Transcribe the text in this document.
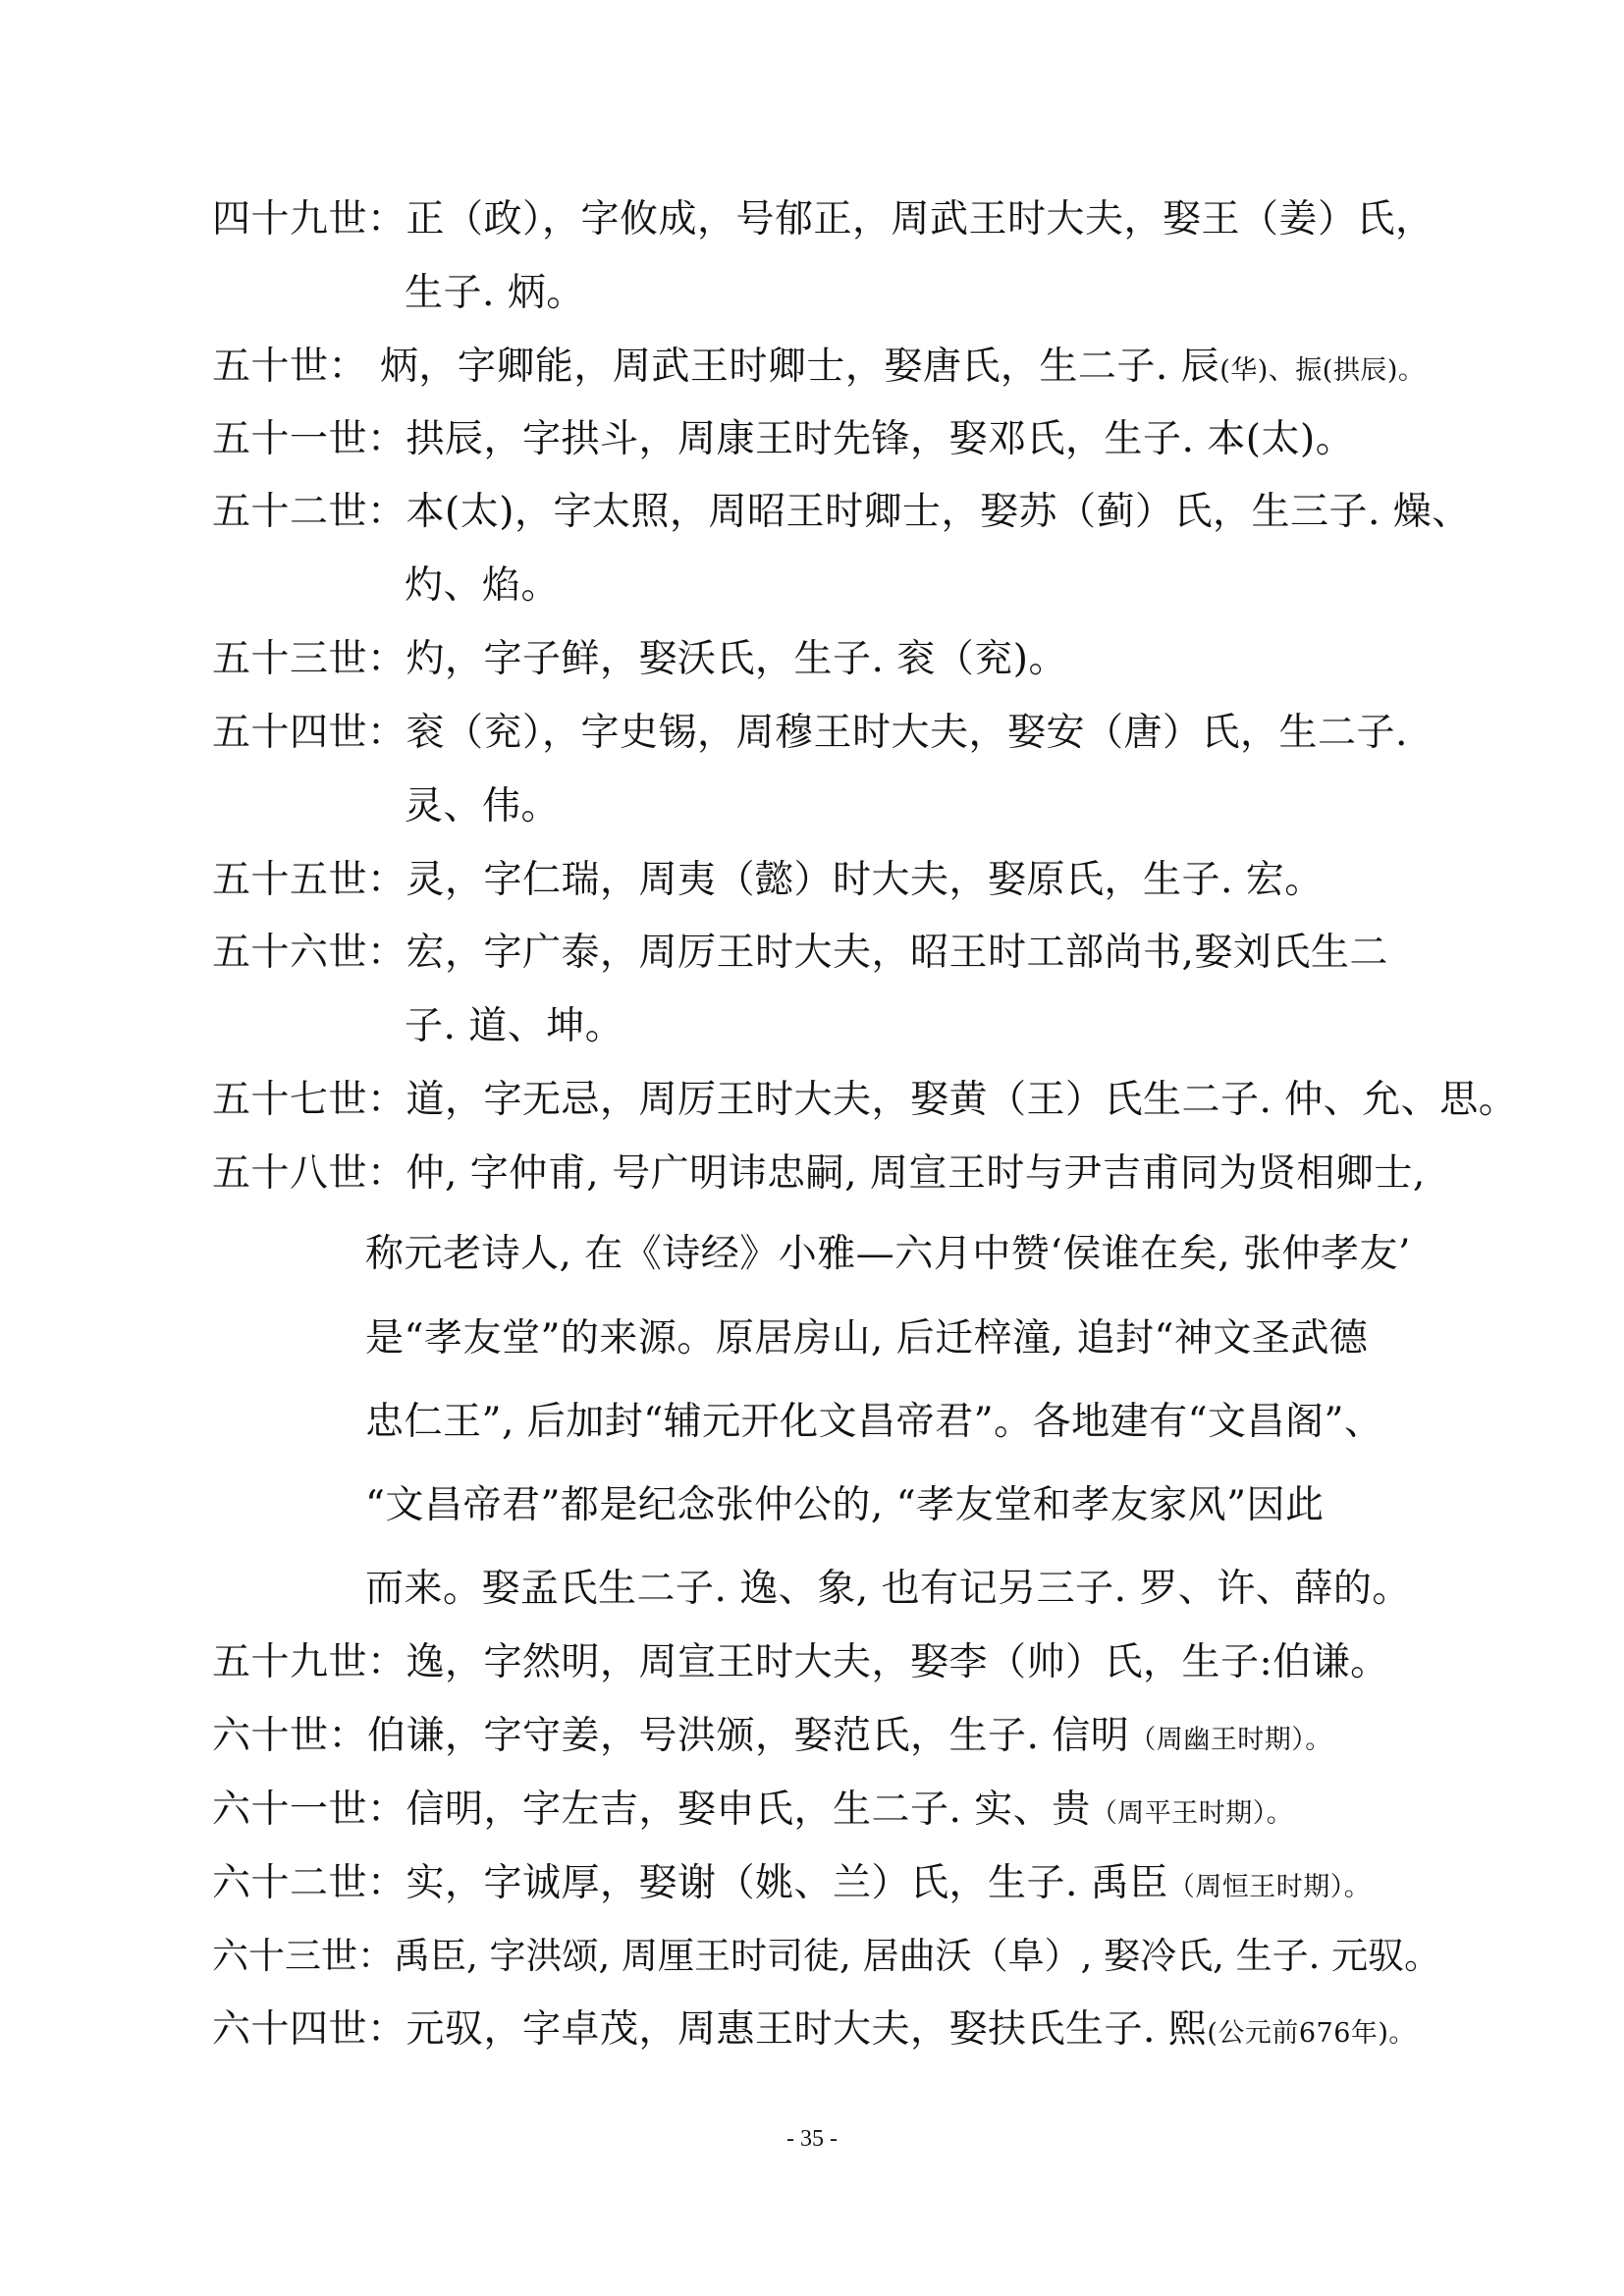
四十九世：正（政），字攸成，号郁正，周武王时大夫，娶王（姜）氏，
生子. 炳。
五十世： 炳，字卿能，周武王时卿士，娶唐氏，生二子. 辰(华)、振(拱辰)。
五十一世：拱辰，字拱斗，周康王时先锋，娶邓氏，生子. 本(太)。
五十二世：本(太)，字太照，周昭王时卿士，娶苏（蓟）氏，生三子. 燥、
灼、焰。
五十三世：灼，字子鲜，娶沃氏，生子. 衮（兖)。
五十四世：衮（兖），字史锡，周穆王时大夫，娶安（唐）氏，生二子.
灵、伟。
五十五世：灵，字仁瑞，周夷（懿）时大夫，娶原氏，生子. 宏。
五十六世：宏，字广泰，周厉王时大夫，昭王时工部尚书,娶刘氏生二
子. 道、坤。
五十七世：道，字无忌，周厉王时大夫，娶黄（王）氏生二子. 仲、允、思。
五十八世：仲, 字仲甫, 号广明讳忠嗣, 周宣王时与尹吉甫同为贤相卿士,
称元老诗人, 在《诗经》小雅—六月中赞‘侯谁在矣, 张仲孝友’
是“孝友堂”的来源。原居房山, 后迁梓潼, 追封“神文圣武德
忠仁王”, 后加封“辅元开化文昌帝君”。各地建有“文昌阁”、
“文昌帝君”都是纪念张仲公的, “孝友堂和孝友家风”因此
而来。娶孟氏生二子. 逸、象, 也有记另三子. 罗、许、薛的。
五十九世：逸，字然明，周宣王时大夫，娶李（帅）氏，生子:伯谦。
六十世：伯谦，字守姜，号洪颁，娶范氏，生子. 信明（周幽王时期）。
六十一世：信明，字左吉，娶申氏，生二子. 实、贵（周平王时期）。
六十二世：实，字诚厚，娶谢（姚、兰）氏，生子. 禹臣（周恒王时期）。
六十三世：禹臣, 字洪颂, 周厘王时司徒, 居曲沃（阜）, 娶冷氏, 生子. 元驭。
六十四世：元驭，字卓茂，周惠王时大夫，娶扶氏生子. 熙(公元前676年)。
- 35 -
